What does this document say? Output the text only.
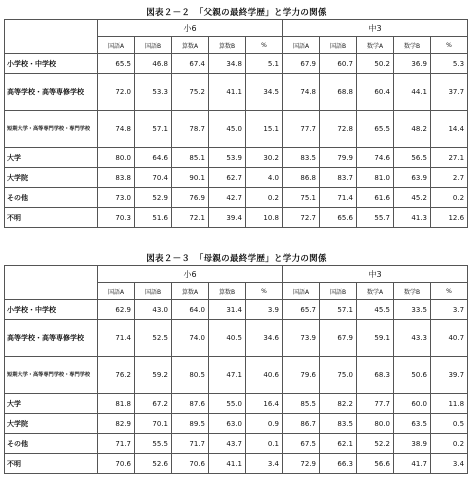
図表２－２　「父親の最終学歴」と学力の関係
	小6					中3				
	国語A	国語B	算数A	算数B	%	国語A	国語B	数学A	数学B	%
小学校・中学校	65.5	46.8	67.4	34.8	5.1	67.9	60.7	50.2	36.9	5.3
高等学校・高等専修学校	72.0	53.3	75.2	41.1	34.5	74.8	68.8	60.4	44.1	37.7
短期大学・高等専門学校・専門学校	74.8	57.1	78.7	45.0	15.1	77.7	72.8	65.5	48.2	14.4
大学	80.0	64.6	85.1	53.9	30.2	83.5	79.9	74.6	56.5	27.1
大学院	83.8	70.4	90.1	62.7	4.0	86.8	83.7	81.0	63.9	2.7
その他	73.0	52.9	76.9	42.7	0.2	75.1	71.4	61.6	45.2	0.2
不明	70.3	51.6	72.1	39.4	10.8	72.7	65.6	55.7	41.3	12.6
図表２－３　「母親の最終学歴」と学力の関係
	小6					中3				
	国語A	国語B	算数A	算数B	%	国語A	国語B	数学A	数学B	%
小学校・中学校	62.9	43.0	64.0	31.4	3.9	65.7	57.1	45.5	33.5	3.7
高等学校・高等専修学校	71.4	52.5	74.0	40.5	34.6	73.9	67.9	59.1	43.3	40.7
短期大学・高等専門学校・専門学校	76.2	59.2	80.5	47.1	40.6	79.6	75.0	68.3	50.6	39.7
大学	81.8	67.2	87.6	55.0	16.4	85.5	82.2	77.7	60.0	11.8
大学院	82.9	70.1	89.5	63.0	0.9	86.7	83.5	80.0	63.5	0.5
その他	71.7	55.5	71.7	43.7	0.1	67.5	62.1	52.2	38.9	0.2
不明	70.6	52.6	70.6	41.1	3.4	72.9	66.3	56.6	41.7	3.4
